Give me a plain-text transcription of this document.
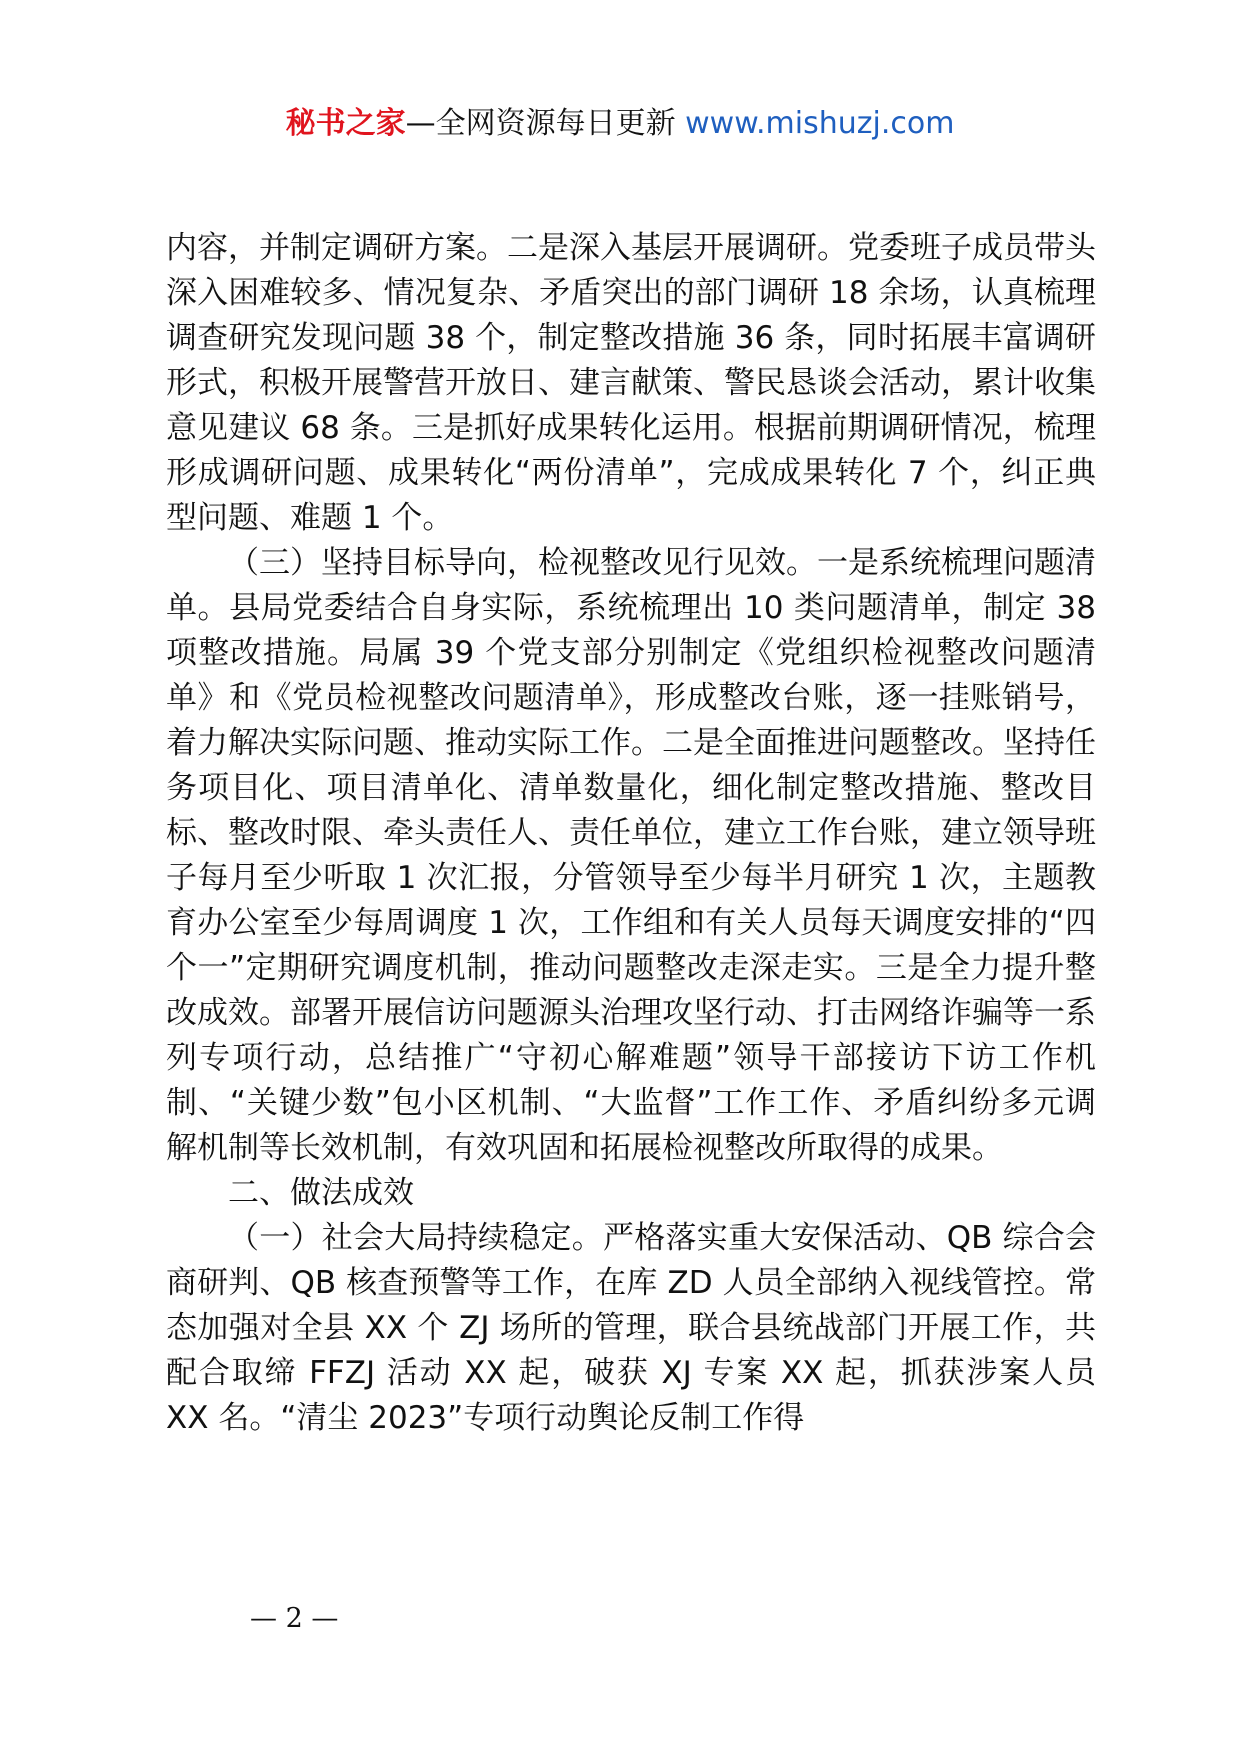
秘书之家—全网资源每日更新 www.mishuzj.com

内容，并制定调研方案。二是深入基层开展调研。党委班子成员带头深入困难较多、情况复杂、矛盾突出的部门调研 18 余场，认真梳理调查研究发现问题 38 个，制定整改措施 36 条，同时拓展丰富调研形式，积极开展警营开放日、建言献策、警民恳谈会活动，累计收集意见建议 68 条。三是抓好成果转化运用。根据前期调研情况，梳理形成调研问题、成果转化“两份清单”，完成成果转化 7 个，纠正典型问题、难题 1 个。

（三）坚持目标导向，检视整改见行见效。一是系统梳理问题清单。县局党委结合自身实际，系统梳理出 10 类问题清单，制定 38 项整改措施。局属 39 个党支部分别制定《党组织检视整改问题清单》和《党员检视整改问题清单》，形成整改台账，逐一挂账销号，着力解决实际问题、推动实际工作。二是全面推进问题整改。坚持任务项目化、项目清单化、清单数量化，细化制定整改措施、整改目标、整改时限、牵头责任人、责任单位，建立工作台账，建立领导班子每月至少听取 1 次汇报，分管领导至少每半月研究 1 次，主题教育办公室至少每周调度 1 次，工作组和有关人员每天调度安排的“四个一”定期研究调度机制，推动问题整改走深走实。三是全力提升整改成效。部署开展信访问题源头治理攻坚行动、打击网络诈骗等一系列专项行动，总结推广“守初心解难题”领导干部接访下访工作机制、“关键少数”包小区机制、“大监督”工作工作、矛盾纠纷多元调解机制等长效机制，有效巩固和拓展检视整改所取得的成果。

二、做法成效

（一）社会大局持续稳定。严格落实重大安保活动、QB 综合会商研判、QB 核查预警等工作，在库 ZD 人员全部纳入视线管控。常态加强对全县 XX 个 ZJ 场所的管理，联合县统战部门开展工作，共配合取缔 FFZJ 活动 XX 起，破获 XJ 专案 XX 起，抓获涉案人员 XX 名。“清尘 2023”专项行动舆论反制工作得

— 2 —
